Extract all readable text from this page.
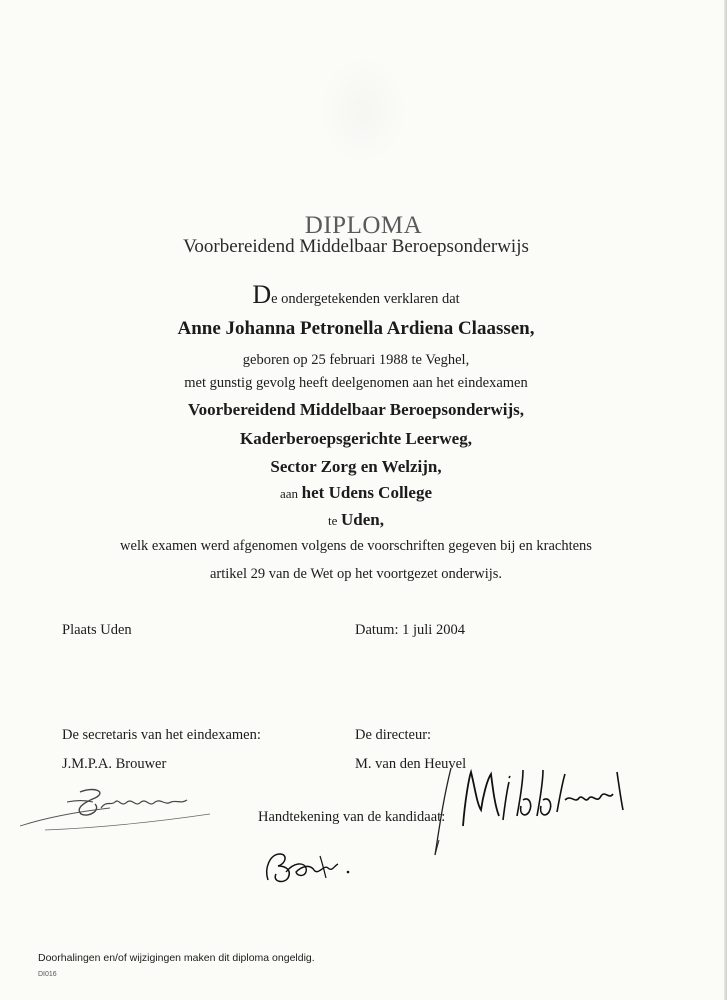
DIPLOMA
Voorbereidend Middelbaar Beroepsonderwijs
De ondergetekenden verklaren dat
Anne Johanna Petronella Ardiena Claassen,
geboren op 25 februari 1988 te Veghel,
met gunstig gevolg heeft deelgenomen aan het eindexamen
Voorbereidend Middelbaar Beroepsonderwijs,
Kaderberoepsgerichte Leerweg,
Sector Zorg en Welzijn,
aan het Udens College
te Uden,
welk examen werd afgenomen volgens de voorschriften gegeven bij en krachtens
artikel 29 van de Wet op het voortgezet onderwijs.
Plaats Uden	Datum: 1 juli 2004
De secretaris van het eindexamen:	De directeur:
J.M.P.A. Brouwer	M. van den Heuvel
Handtekening van de kandidaat:
Doorhalingen en/of wijzigingen maken dit diploma ongeldig.
DI016
